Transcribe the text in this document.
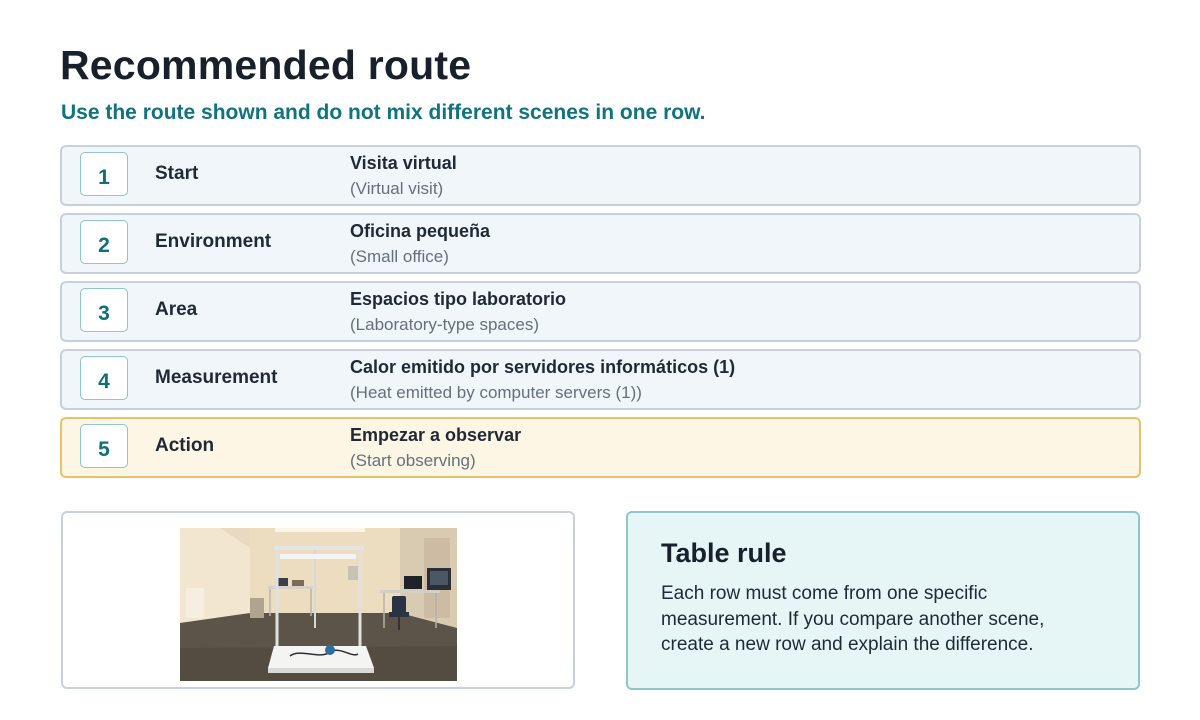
Recommended route

Use the route shown and do not mix different scenes in one row.

1	Start	Visita virtual
(Virtual visit)
2	Environment	Oficina pequeña
(Small office)
3	Area	Espacios tipo laboratorio
(Laboratory-type spaces)
4	Measurement	Calor emitido por servidores informáticos (1)
(Heat emitted by computer servers (1))
5	Action	Empezar a observar
(Start observing)
Table rule

Each row must come from one specific measurement. If you compare another scene, create a new row and explain the difference.
